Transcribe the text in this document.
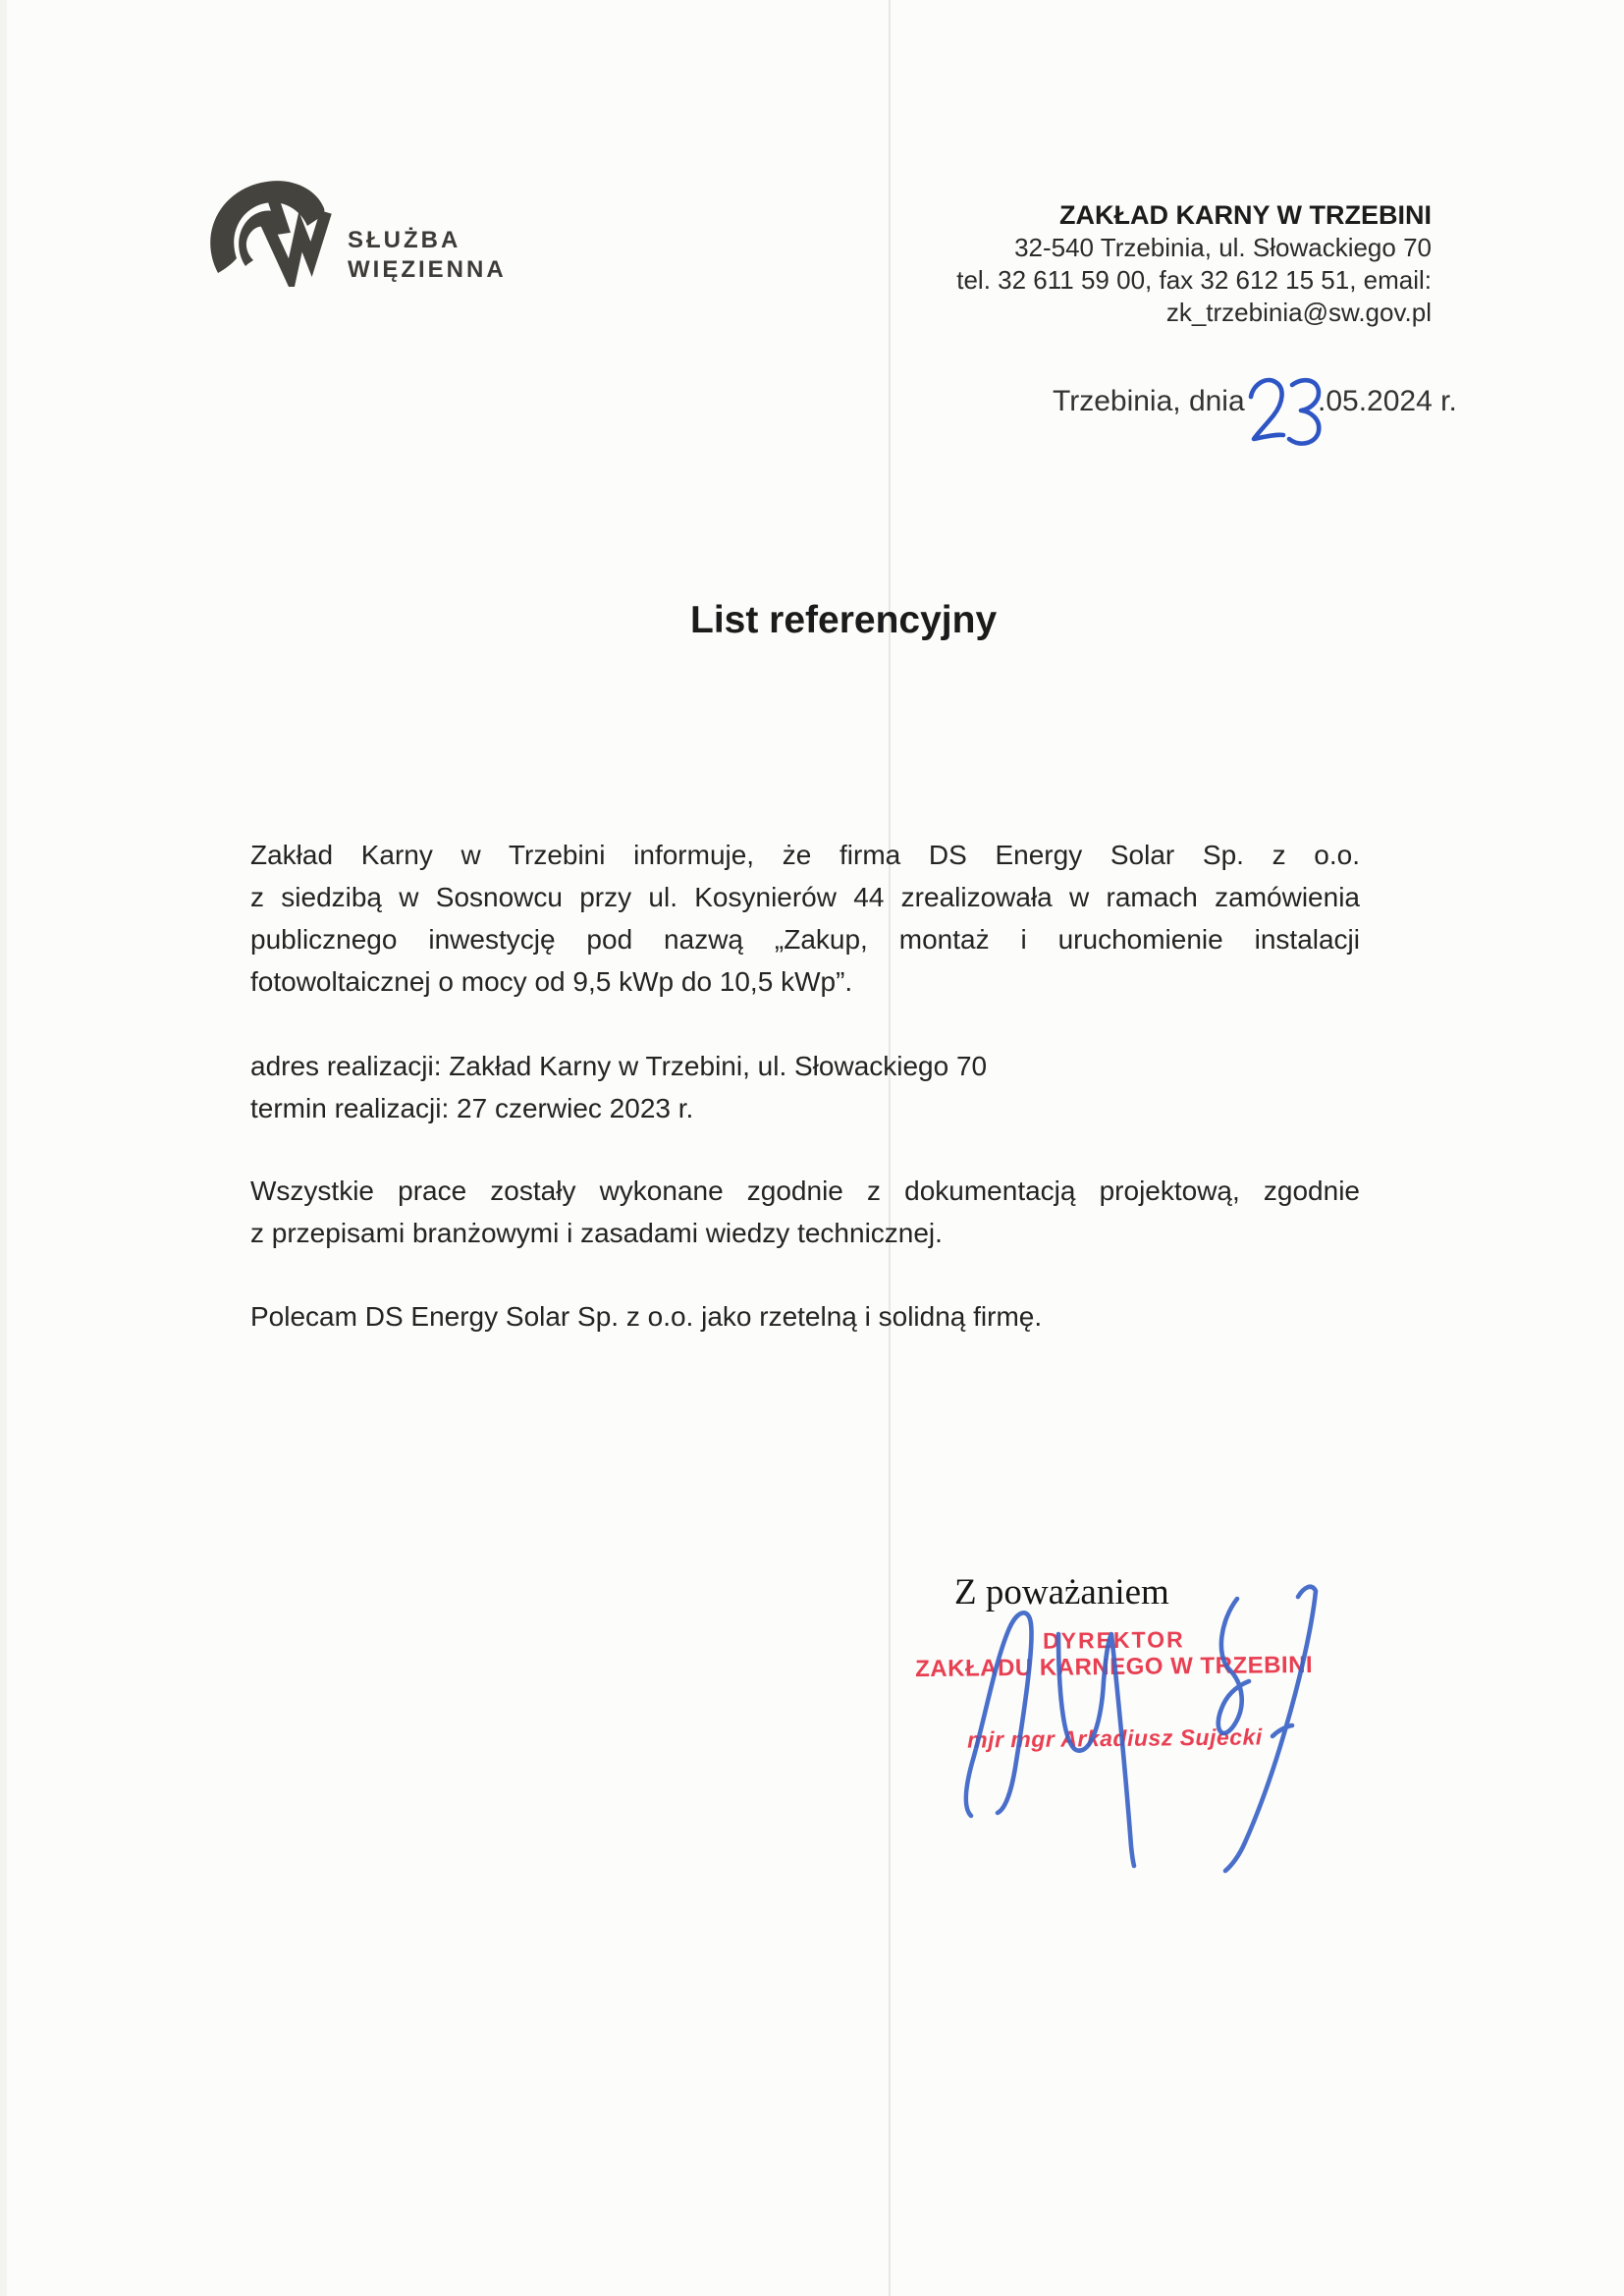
SŁUŻBA
WIĘZIENNA
ZAKŁAD KARNY W TRZEBINI
32-540 Trzebinia, ul. Słowackiego 70
tel. 32 611 59 00, fax 32 612 15 51, email: zk_trzebinia@sw.gov.pl
Trzebinia, dnia .05.2024 r.
List referencyjny
Zakład Karny w Trzebini informuje, że firma DS Energy Solar Sp. z o.o.
z siedzibą w Sosnowcu przy ul. Kosynierów 44 zrealizowała w ramach zamówienia
publicznego inwestycję pod nazwą „Zakup, montaż i uruchomienie instalacji
fotowoltaicznej o mocy od 9,5 kWp do 10,5 kWp”.
adres realizacji: Zakład Karny w Trzebini, ul. Słowackiego 70
termin realizacji: 27 czerwiec 2023 r.
Wszystkie prace zostały wykonane zgodnie z dokumentacją projektową, zgodnie
z przepisami branżowymi i zasadami wiedzy technicznej.
Polecam DS Energy Solar Sp. z o.o. jako rzetelną i solidną firmę.
Z poważaniem
DYREKTOR
ZAKŁADU KARNEGO W TRZEBINI
mjr mgr Arkadiusz Sujecki
